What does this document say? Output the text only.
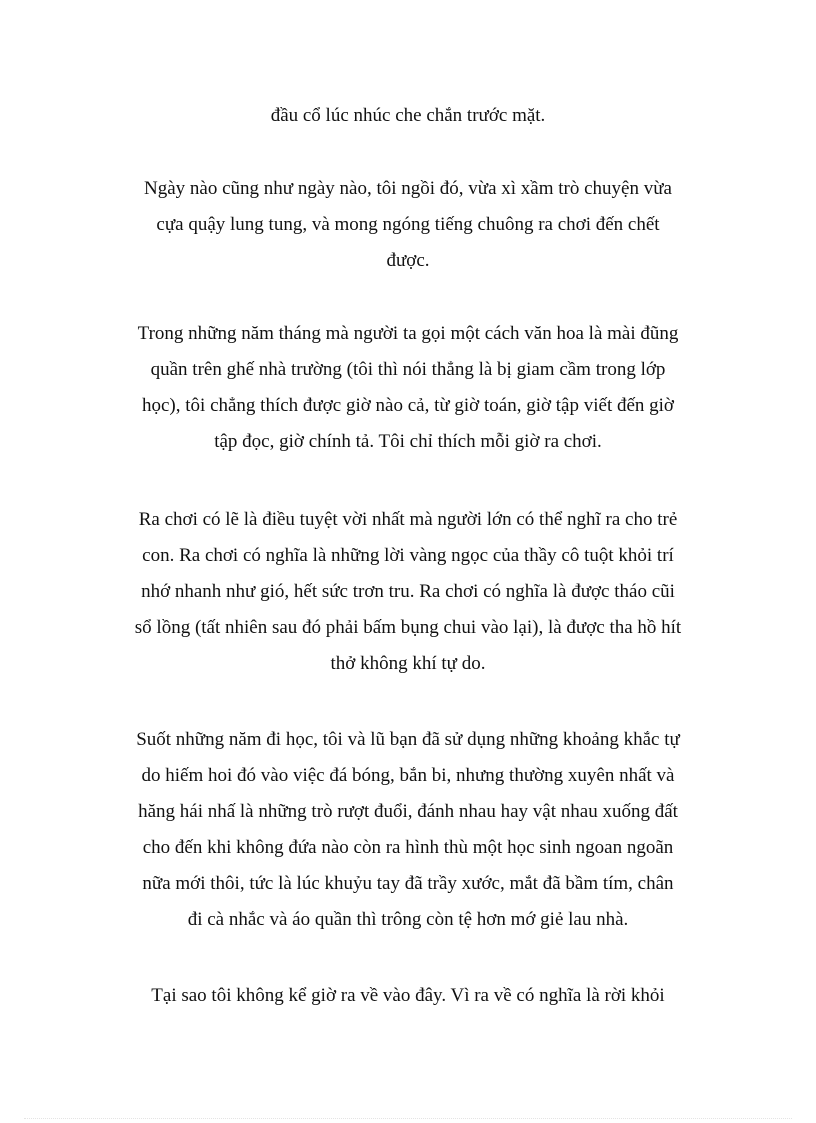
đầu cổ lúc nhúc che chắn trước mặt.
Ngày nào cũng như ngày nào, tôi ngồi đó, vừa xì xầm trò chuyện vừa
cựa quậy lung tung, và mong ngóng tiếng chuông ra chơi đến chết
được.
Trong những năm tháng mà người ta gọi một cách văn hoa là mài đũng
quần trên ghế nhà trường (tôi thì nói thẳng là bị giam cầm trong lớp
học), tôi chẳng thích được giờ nào cả, từ giờ toán, giờ tập viết đến giờ
tập đọc, giờ chính tả. Tôi chỉ thích mỗi giờ ra chơi.
Ra chơi có lẽ là điều tuyệt vời nhất mà người lớn có thể nghĩ ra cho trẻ
con. Ra chơi có nghĩa là những lời vàng ngọc của thầy cô tuột khỏi trí
nhớ nhanh như gió, hết sức trơn tru. Ra chơi có nghĩa là được tháo cũi
sổ lồng (tất nhiên sau đó phải bấm bụng chui vào lại), là được tha hồ hít
thở không khí tự do.
Suốt những năm đi học, tôi và lũ bạn đã sử dụng những khoảng khắc tự
do hiếm hoi đó vào việc đá bóng, bắn bi, nhưng thường xuyên nhất và
hăng hái nhấ là những trò rượt đuổi, đánh nhau hay vật nhau xuống đất
cho đến khi không đứa nào còn ra hình thù một học sinh ngoan ngoãn
nữa mới thôi, tức là lúc khuỷu tay đã trầy xước, mắt đã bầm tím, chân
đi cà nhắc và áo quần thì trông còn tệ hơn mớ giẻ lau nhà.
Tại sao tôi không kể giờ ra về vào đây. Vì ra về có nghĩa là rời khỏi
